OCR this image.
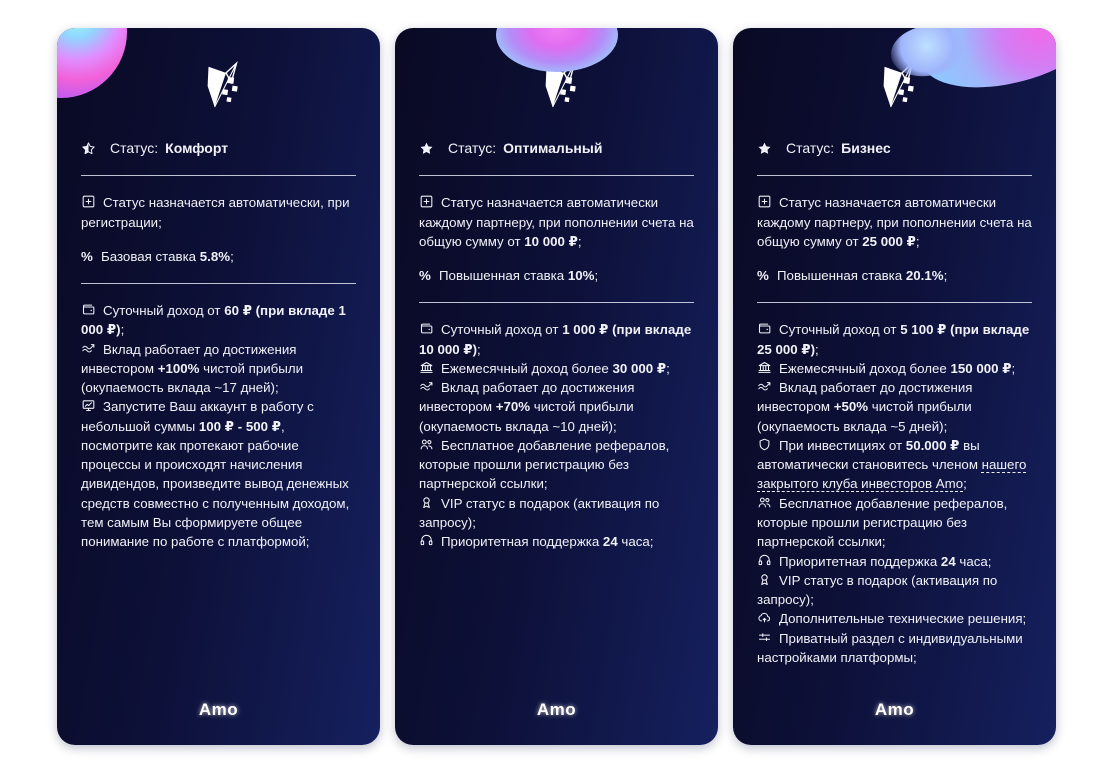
Статус: Комфорт

Статус назначается автоматически, при регистрации;

% Базовая ставка 5.8%;

Суточный доход от 60 ₽ (при вкладе 1 000 ₽);

Вклад работает до достижения инвестором +100% чистой прибыли (окупаемость вклада ~17 дней);

Запустите Ваш аккаунт в работу с небольшой суммы 100 ₽ - 500 ₽, посмотрите как протекают рабочие процессы и происходят начисления дивидендов, произведите вывод денежных средств совместно с полученным доходом, тем самым Вы сформируете общее понимание по работе с платформой;

Amo
Статус: Оптимальный

Статус назначается автоматически каждому партнеру, при пополнении счета на общую сумму от 10 000 ₽;

% Повышенная ставка 10%;

Суточный доход от 1 000 ₽ (при вкладе 10 000 ₽);

Ежемесячный доход более 30 000 ₽;

Вклад работает до достижения инвестором +70% чистой прибыли (окупаемость вклада ~10 дней);

Бесплатное добавление рефералов, которые прошли регистрацию без партнерской ссылки;

VIP статус в подарок (активация по запросу);

Приоритетная поддержка 24 часа;

Amo
Статус: Бизнес

Статус назначается автоматически каждому партнеру, при пополнении счета на общую сумму от 25 000 ₽;

% Повышенная ставка 20.1%;

Суточный доход от 5 100 ₽ (при вкладе 25 000 ₽);

Ежемесячный доход более 150 000 ₽;

Вклад работает до достижения инвестором +50% чистой прибыли (окупаемость вклада ~5 дней);

При инвестициях от 50.000 ₽ вы автоматически становитесь членом нашего закрытого клуба инвесторов Amo;

Бесплатное добавление рефералов, которые прошли регистрацию без партнерской ссылки;

Приоритетная поддержка 24 часа;

VIP статус в подарок (активация по запросу);

Дополнительные технические решения;

Приватный раздел с индивидуальными настройками платформы;

Amo
